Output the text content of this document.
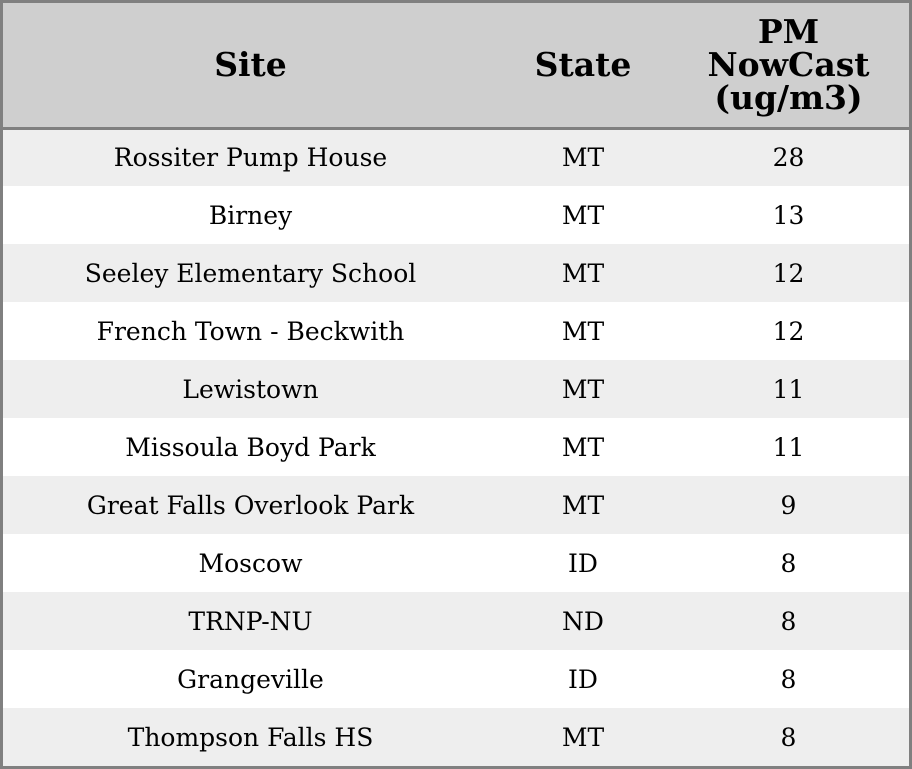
Site	State	PM
NowCast
(ug/m3)
Rossiter Pump House	MT	28
Birney	MT	13
Seeley Elementary School	MT	12
French Town - Beckwith	MT	12
Lewistown	MT	11
Missoula Boyd Park	MT	11
Great Falls Overlook Park	MT	9
Moscow	ID	8
TRNP-NU	ND	8
Grangeville	ID	8
Thompson Falls HS	MT	8
